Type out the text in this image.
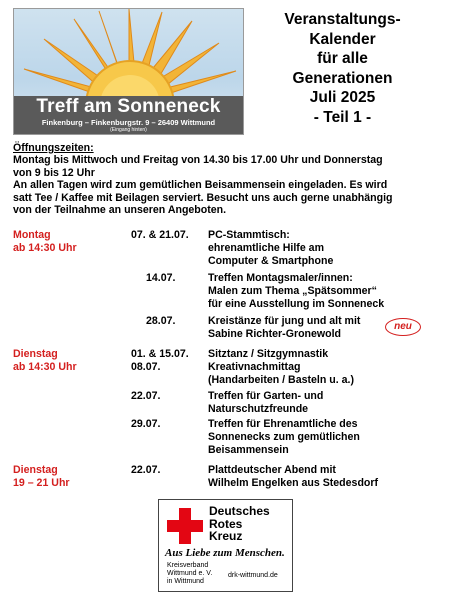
Treff am Sonneneck
Finkenburg – Finkenburgstr. 9 – 26409 Wittmund
(Eingang hinten)
Veranstaltungs-
Kalender
für alle
Generationen
Juli 2025
- Teil 1 -
Öffnungszeiten:
Montag bis Mittwoch und Freitag von 14.30 bis 17.00 Uhr und Donnerstag
von 9 bis 12 Uhr
An allen Tagen wird zum gemütlichen Beisammensein eingeladen. Es wird
satt Tee / Kaffee mit Beilagen serviert. Besucht uns auch gerne unabhängig
von der Teilnahme an unseren Angeboten.
Montag
ab 14:30 Uhr
07. & 21.07. PC-Stammtisch:
ehrenamtliche Hilfe am
Computer & Smartphone
14.07.	Treffen Montagsmaler/innen:
Malen zum Thema „Spätsommer“
für eine Ausstellung im Sonneneck
28.07.	Kreistänze für jung und alt mit
Sabine Richter-Gronewold
neu
Dienstag
ab 14:30 Uhr
01. & 15.07. Sitztanz / Sitzgymnastik
08.07.	Kreativnachmittag
(Handarbeiten / Basteln u. a.)
22.07.	Treffen für Garten- und
Naturschutzfreunde
29.07.	Treffen für Ehrenamtliche des
Sonnenecks zum gemütlichen
Beisammensein
Dienstag
19 – 21 Uhr
22.07.	Plattdeutscher Abend mit
Wilhelm Engelken aus Stedesdorf
Deutsches
Rotes
Kreuz
Aus Liebe zum Menschen.
Kreisverband
Wittmund e. V.
in Wittmund
drk-wittmund.de
